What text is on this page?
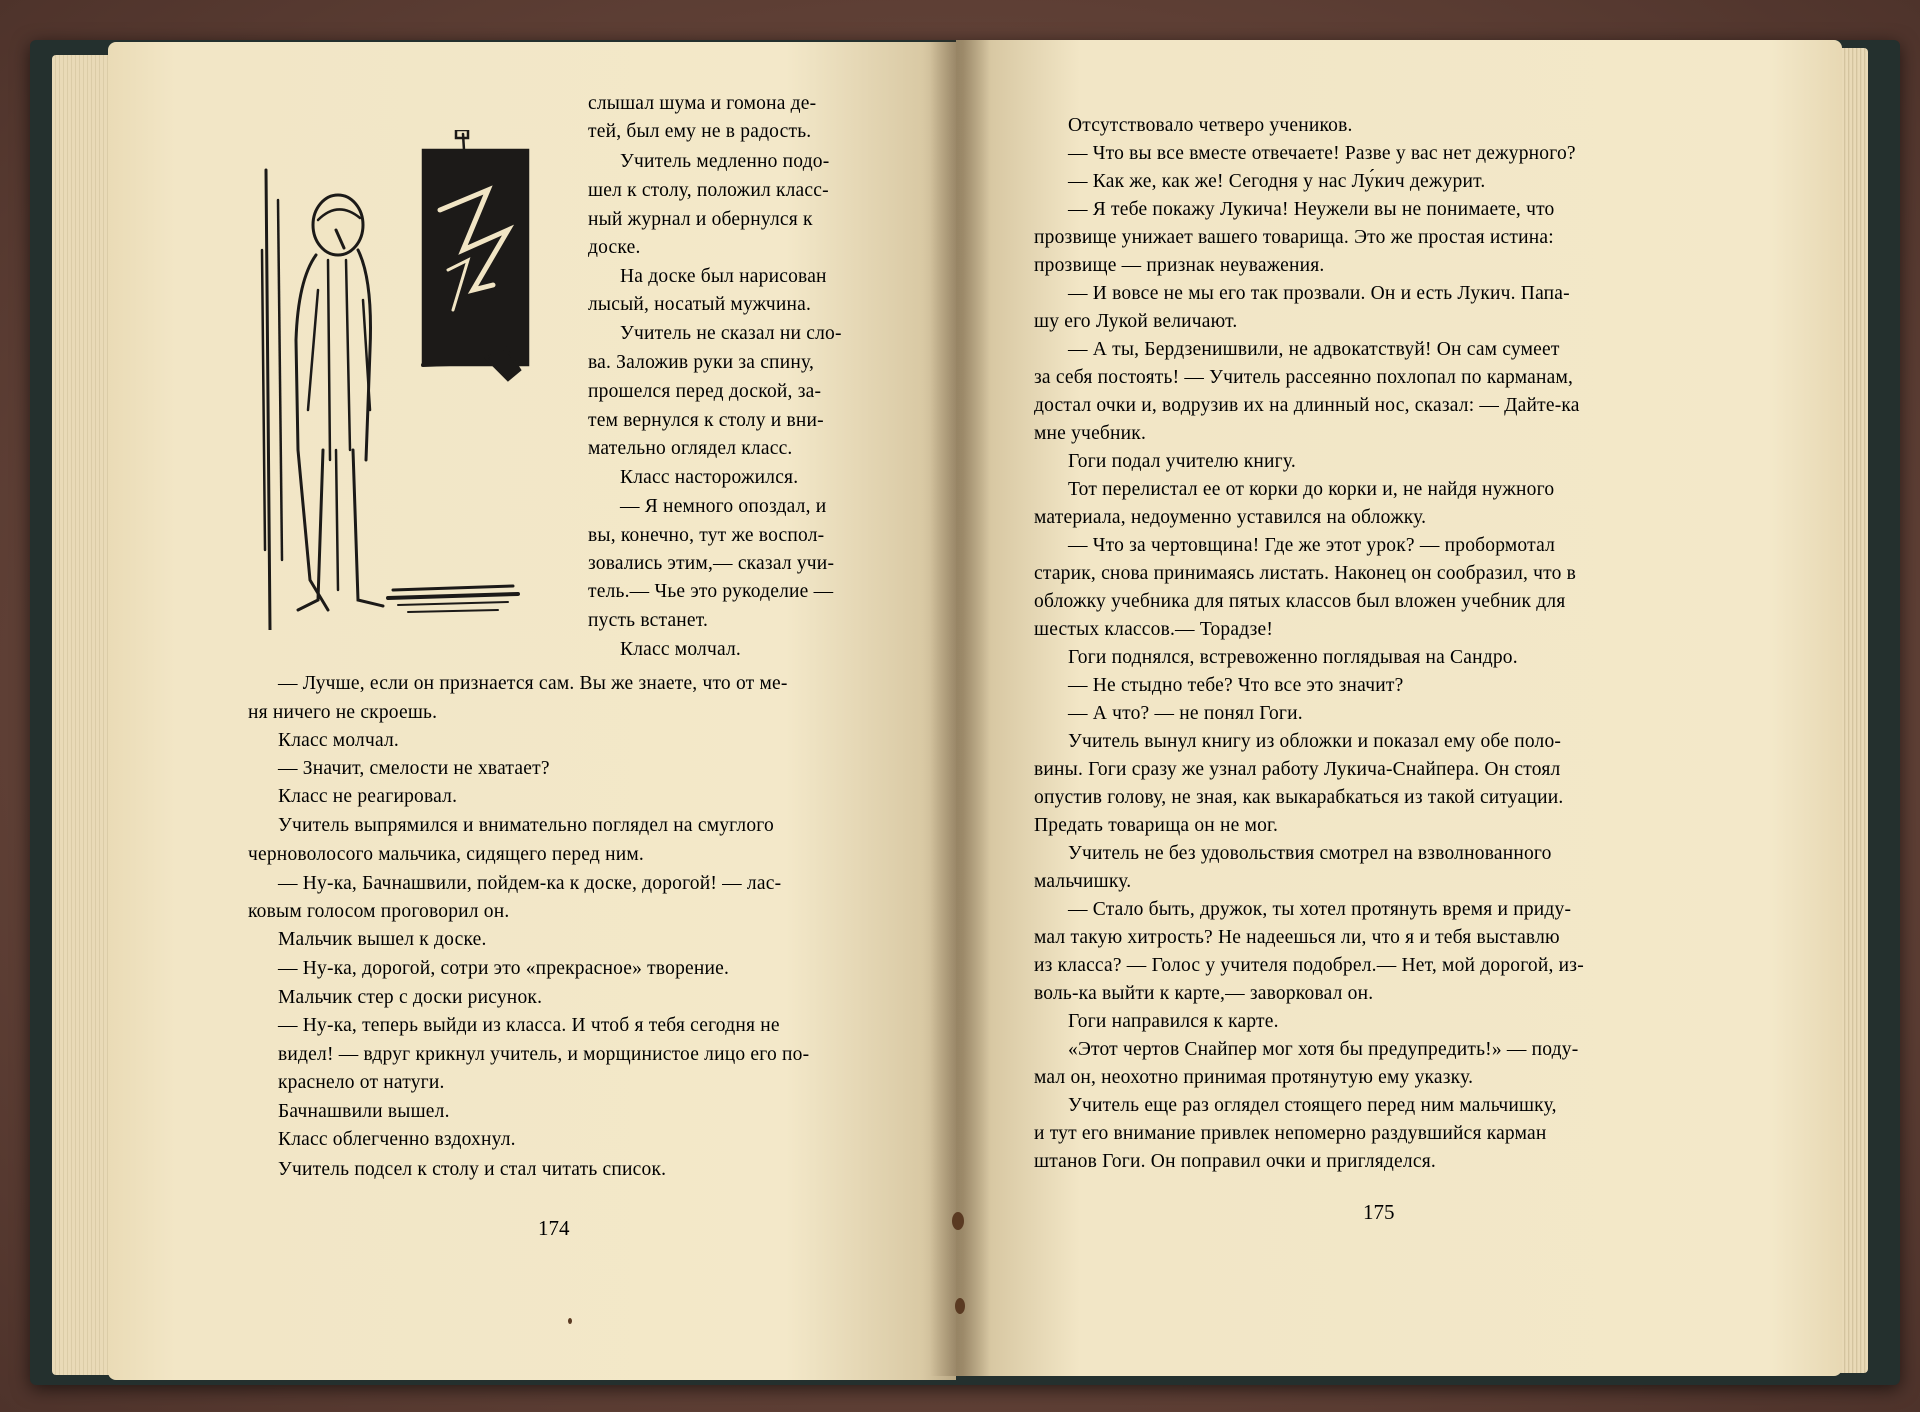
слышал шума и гомона де-
тей, был ему не в радость.
Учитель медленно подо-
шел к столу, положил класс-
ный журнал и обернулся к
доске.
На доске был нарисован
лысый, носатый мужчина.
Учитель не сказал ни сло-
ва. Заложив руки за спину,
прошелся перед доской, за-
тем вернулся к столу и вни-
мательно оглядел класс.
Класс насторожился.
— Я немного опоздал, и
вы, конечно, тут же воспол-
зовались этим,— сказал учи-
тель.— Чье это рукоделие —
пусть встанет.
Класс молчал.
— Лучше, если он признается сам. Вы же знаете, что от ме-
ня ничего не скроешь.
Класс молчал.
— Значит, смелости не хватает?
Класс не реагировал.
Учитель выпрямился и внимательно поглядел на смуглого
черноволосого мальчика, сидящего перед ним.
— Ну-ка, Бачнашвили, пойдем-ка к доске, дорогой! — лас-
ковым голосом проговорил он.
Мальчик вышел к доске.
— Ну-ка, дорогой, сотри это «прекрасное» творение.
Мальчик стер с доски рисунок.
— Ну-ка, теперь выйди из класса. И чтоб я тебя сегодня не
видел! — вдруг крикнул учитель, и морщинистое лицо его по-
краснело от натуги.
Бачнашвили вышел.
Класс облегченно вздохнул.
Учитель подсел к столу и стал читать список.
174
Отсутствовало четверо учеников.
— Что вы все вместе отвечаете! Разве у вас нет дежурного?
— Как же, как же! Сегодня у нас Лу́кич дежурит.
— Я тебе покажу Лукича! Неужели вы не понимаете, что
прозвище унижает вашего товарища. Это же простая истина:
прозвище — признак неуважения.
— И вовсе не мы его так прозвали. Он и есть Лукич. Папа-
шу его Лукой величают.
— А ты, Бердзенишвили, не адвокатствуй! Он сам сумеет
за себя постоять! — Учитель рассеянно похлопал по карманам,
достал очки и, водрузив их на длинный нос, сказал: — Дайте-ка
мне учебник.
Гоги подал учителю книгу.
Тот перелистал ее от корки до корки и, не найдя нужного
материала, недоуменно уставился на обложку.
— Что за чертовщина! Где же этот урок? — пробормотал
старик, снова принимаясь листать. Наконец он сообразил, что в
обложку учебника для пятых классов был вложен учебник для
шестых классов.— Торадзе!
Гоги поднялся, встревоженно поглядывая на Сандро.
— Не стыдно тебе? Что все это значит?
— А что? — не понял Гоги.
Учитель вынул книгу из обложки и показал ему обе поло-
вины. Гоги сразу же узнал работу Лукича-Снайпера. Он стоял
опустив голову, не зная, как выкарабкаться из такой ситуации.
Предать товарища он не мог.
Учитель не без удовольствия смотрел на взволнованного
мальчишку.
— Стало быть, дружок, ты хотел протянуть время и приду-
мал такую хитрость? Не надеешься ли, что я и тебя выставлю
из класса? — Голос у учителя подобрел.— Нет, мой дорогой, из-
воль-ка выйти к карте,— заворковал он.
Гоги направился к карте.
«Этот чертов Снайпер мог хотя бы предупредить!» — поду-
мал он, неохотно принимая протянутую ему указку.
Учитель еще раз оглядел стоящего перед ним мальчишку,
и тут его внимание привлек непомерно раздувшийся карман
штанов Гоги. Он поправил очки и пригляделся.
175
